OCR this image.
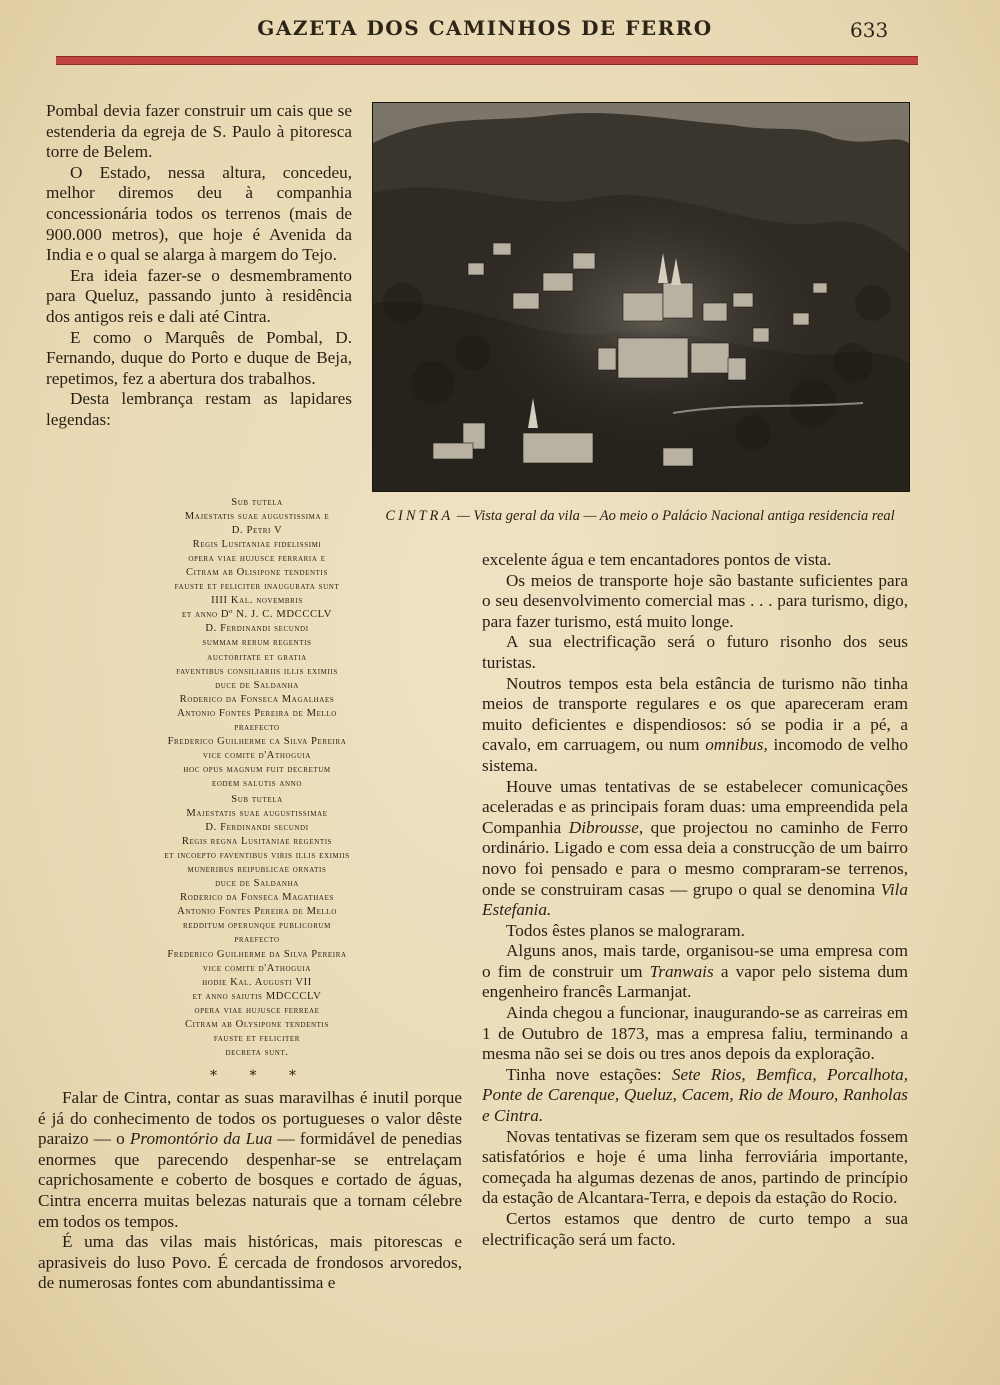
GAZETA DOS CAMINHOS DE FERRO	633

Pombal devia fazer construir um cais que se estenderia da egreja de S. Paulo à pitoresca torre de Belem.

O Estado, nessa altura, concedeu, melhor diremos deu à companhia concessionária todos os terrenos (mais de 900.000 metros), que hoje é Avenida da India e o qual se alarga à margem do Tejo.

Era ideia fazer-se o desmembramento para Queluz, passando junto à residência dos antigos reis e dali até Cintra.

E como o Marquês de Pombal, D. Fernando, duque do Porto e duque de Beja, repetimos, fez a abertura dos trabalhos.

Desta lembrança restam as lapidares legendas:

Sub tutela
Majestatis suae augustissima e
D. Petri V
Regis Lusitaniae fidelissimi
opera viae hujusce ferraria e
Citram ab Olisipone tendentis
fauste et feliciter inaugurata sunt
IIII Kal. novembris
et anno Dº N. J. C. MDCCCLV
D. Ferdinandi secundi
summam rerum regentis
auctoritate et gratia
faventibus consiliariis illis eximiis
duce de Saldanha
Roderico da Fonseca Magalhaes
Antonio Fontes Pereira de Mello
praefecto
Frederico Guilherme ca Silva Pereira
vice comite d'Athoguia
hoc opus magnum fuit decretum
eodem salutis anno
Sub tutela
Majestatis suae augustissimae
D. Ferdinandi secundi
Regis regna Lusitaniae regentis
et incoepto faventibus viris illis eximiis
muneribus reipublicae ornatis
duce de Saldanha
Roderico da Fonseca Magathaes
Antonio Fontes Pereira de Mello
redditum operunque publicorum
praefecto
Frederico Guilherme da Silva Pereira
vice comite d'Athoguia
hodie Kal. Augusti VII
et anno saiutis MDCCCLV
opera viae hujusce ferreae
Citram ab Olysipone tendentis
fauste et feliciter
decreta sunt.
* * *

Falar de Cintra, contar as suas maravilhas é inutil porque é já do conhecimento de todos os portugueses o valor dêste paraizo — o Promontório da Lua — formidável de penedias enormes que parecendo despenhar-se se entrelaçam caprichosamente e coberto de bosques e cortado de águas, Cintra encerra muitas belezas naturais que a tornam célebre em todos os tempos.

É uma das vilas mais históricas, mais pitorescas e aprasiveis do luso Povo. É cercada de frondosos arvoredos, de numerosas fontes com abundantissima e

CINTRA — Vista geral da vila — Ao meio o Palácio Nacional antiga residencia real

excelente água e tem encantadores pontos de vista.

Os meios de transporte hoje são bastante suficientes para o seu desenvolvimento comercial mas . . . para turismo, digo, para fazer turismo, está muito longe.

A sua electrificação será o futuro risonho dos seus turistas.

Noutros tempos esta bela estância de turismo não tinha meios de transporte regulares e os que apareceram eram muito deficientes e dispendiosos: só se podia ir a pé, a cavalo, em carruagem, ou num omnibus, incomodo de velho sistema.

Houve umas tentativas de se estabelecer comunicações aceleradas e as principais foram duas: uma empreendida pela Companhia Dibrousse, que projectou no caminho de Ferro ordinário. Ligado e com essa deia a construcção de um bairro novo foi pensado e para o mesmo compraram-se terrenos, onde se construiram casas — grupo o qual se denomina Vila Estefania.

Todos êstes planos se malograram.

Alguns anos, mais tarde, organisou-se uma empresa com o fim de construir um Tranwais a vapor pelo sistema dum engenheiro francês Larmanjat.

Ainda chegou a funcionar, inaugurando-se as carreiras em 1 de Outubro de 1873, mas a empresa faliu, terminando a mesma não sei se dois ou tres anos depois da exploração.

Tinha nove estações: Sete Rios, Bemfica, Porcalhota, Ponte de Carenque, Queluz, Cacem, Rio de Mouro, Ranholas e Cintra.

Novas tentativas se fizeram sem que os resultados fossem satisfatórios e hoje é uma linha ferroviária importante, começada ha algumas dezenas de anos, partindo de princípio da estação de Alcantara-Terra, e depois da estação do Rocio.

Certos estamos que dentro de curto tempo a sua electrificação será um facto.
